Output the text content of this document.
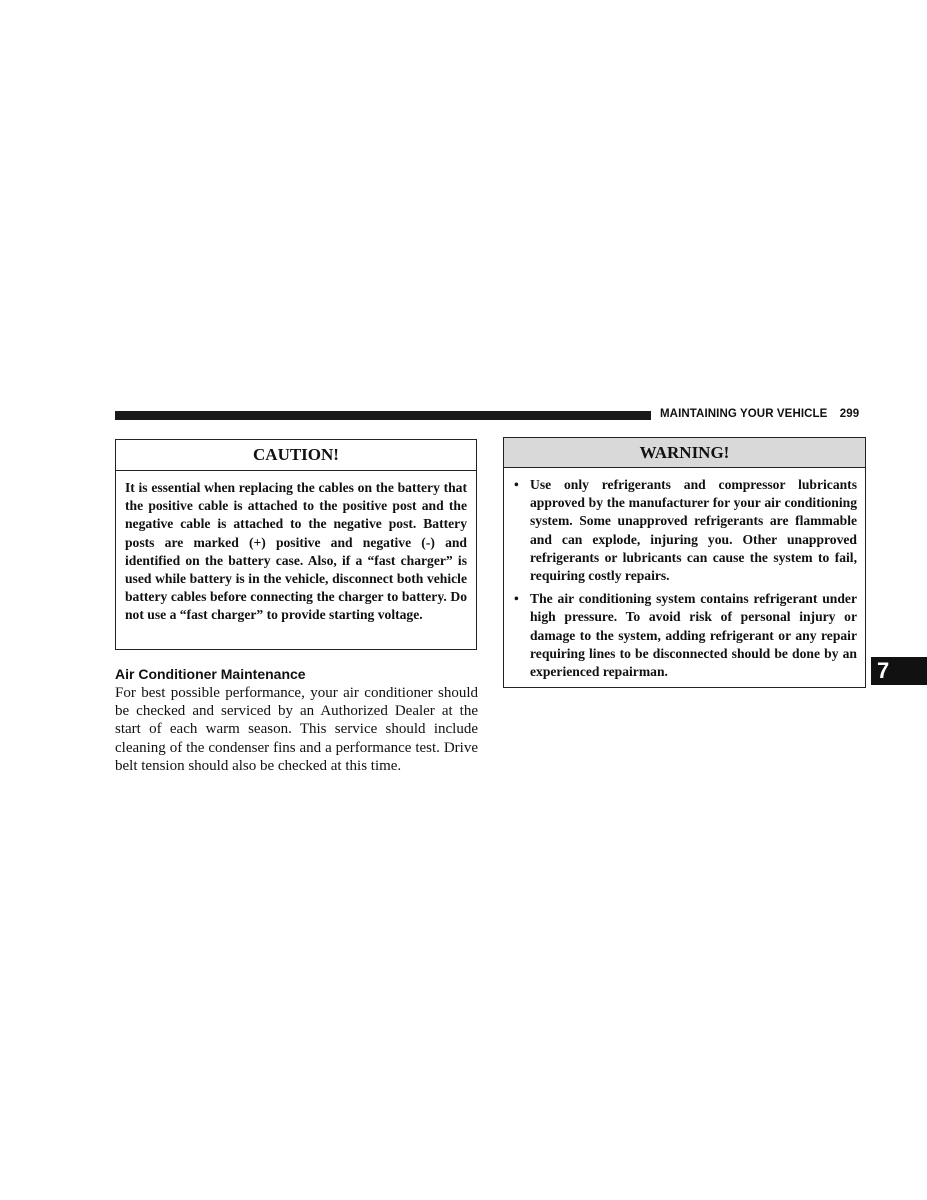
MAINTAINING YOUR VEHICLE 299
CAUTION!
It is essential when replacing the cables on the battery that the positive cable is attached to the positive post and the negative cable is attached to the negative post. Battery posts are marked (+) positive and negative (-) and identified on the battery case. Also, if a “fast charger” is used while battery is in the vehicle, disconnect both vehicle battery cables before connecting the charger to battery. Do not use a “fast charger” to provide starting voltage.
Air Conditioner Maintenance
For best possible performance, your air conditioner should be checked and serviced by an Authorized Dealer at the start of each warm season. This service should include cleaning of the condenser fins and a performance test. Drive belt tension should also be checked at this time.
WARNING!
• Use only refrigerants and compressor lubricants approved by the manufacturer for your air conditioning system. Some unapproved refrigerants are flammable and can explode, injuring you. Other unapproved refrigerants or lubricants can cause the system to fail, requiring costly repairs.
• The air conditioning system contains refrigerant under high pressure. To avoid risk of personal injury or damage to the system, adding refrigerant or any repair requiring lines to be disconnected should be done by an experienced repairman.	7
